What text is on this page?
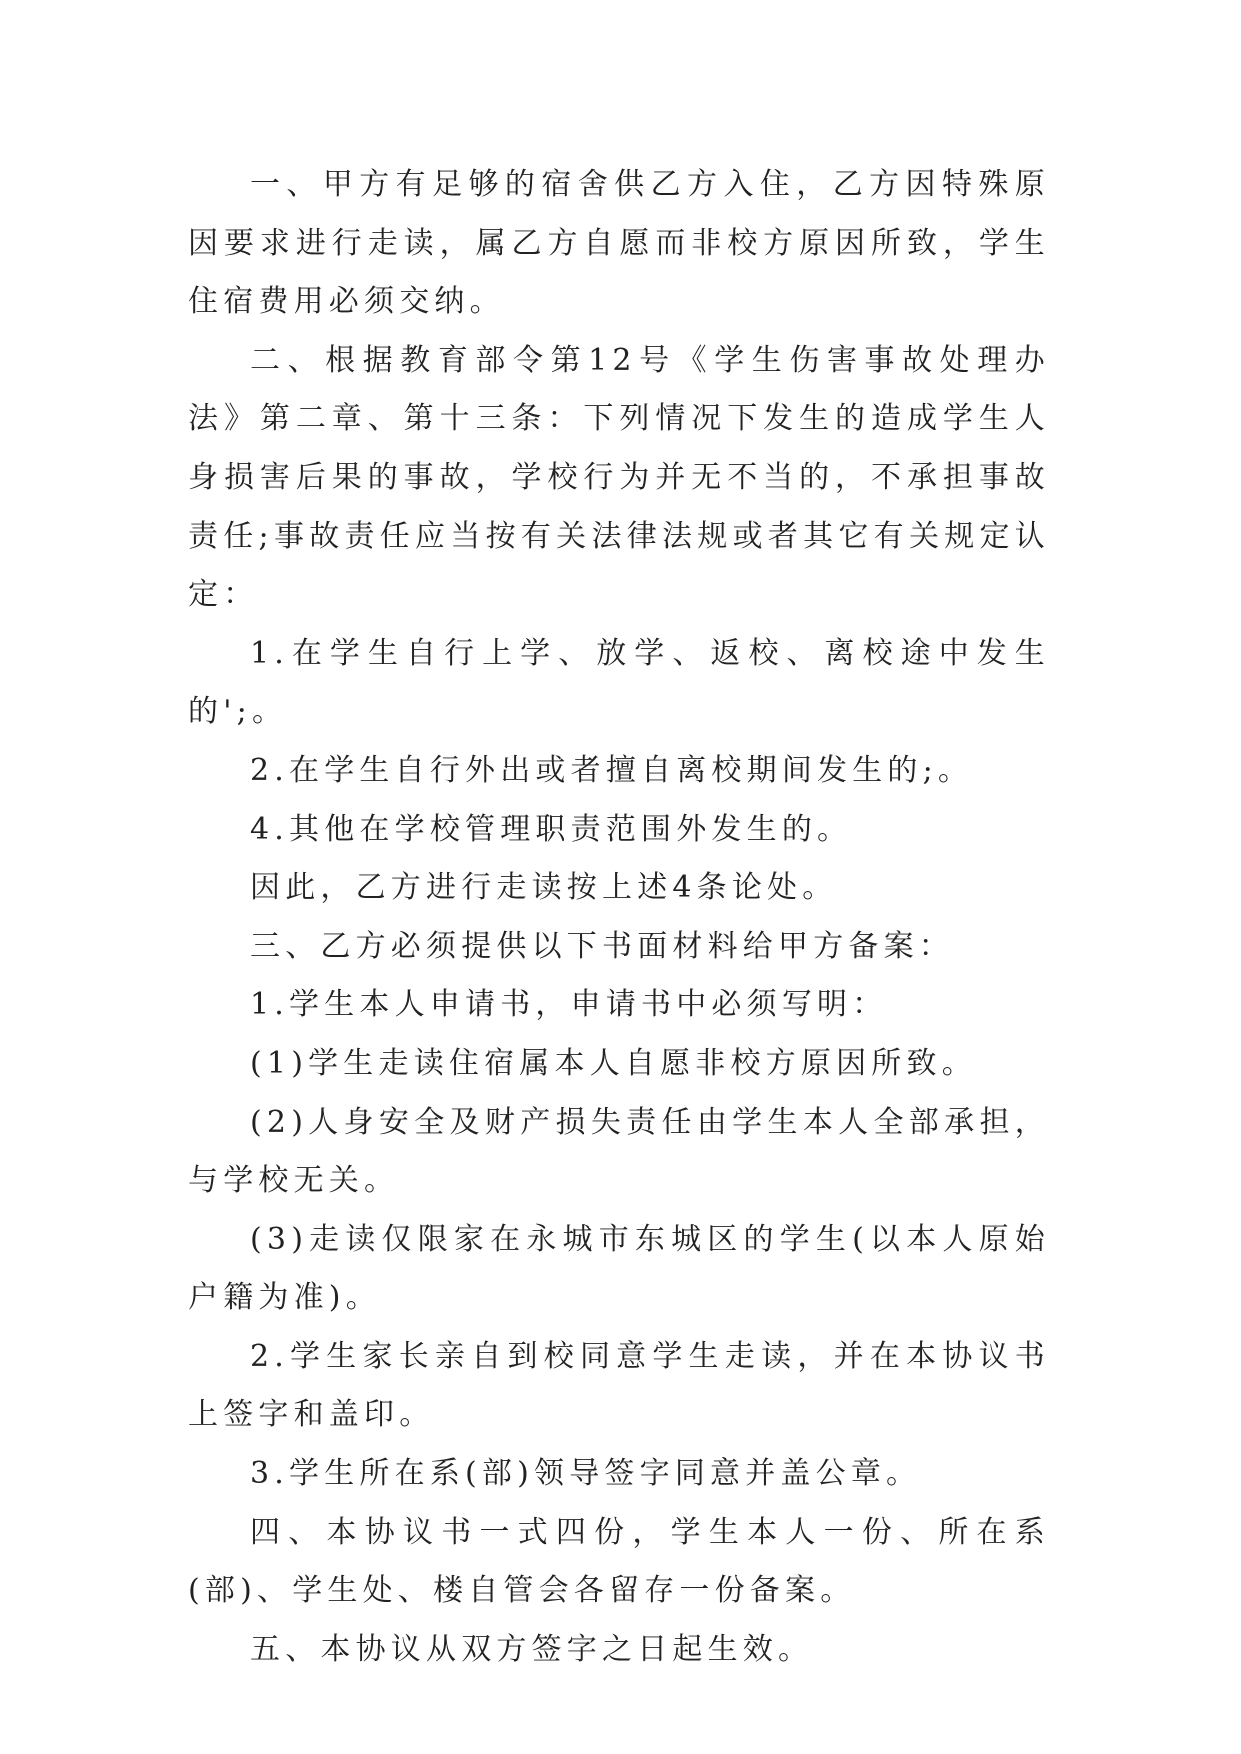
一、甲方有足够的宿舍供乙方入住，乙方因特殊原因要求进行走读，属乙方自愿而非校方原因所致，学生住宿费用必须交纳。

二、根据教育部令第12号《学生伤害事故处理办法》第二章、第十三条：下列情况下发生的造成学生人身损害后果的事故，学校行为并无不当的，不承担事故责任;事故责任应当按有关法律法规或者其它有关规定认定：

1.在学生自行上学、放学、返校、离校途中发生的';。

2.在学生自行外出或者擅自离校期间发生的;。

4.其他在学校管理职责范围外发生的。

因此，乙方进行走读按上述4条论处。

三、乙方必须提供以下书面材料给甲方备案：

1.学生本人申请书，申请书中必须写明：

(1)学生走读住宿属本人自愿非校方原因所致。

(2)人身安全及财产损失责任由学生本人全部承担，与学校无关。

(3)走读仅限家在永城市东城区的学生(以本人原始户籍为准)。

2.学生家长亲自到校同意学生走读，并在本协议书上签字和盖印。

3.学生所在系(部)领导签字同意并盖公章。

四、本协议书一式四份，学生本人一份、所在系(部)、学生处、楼自管会各留存一份备案。

五、本协议从双方签字之日起生效。
